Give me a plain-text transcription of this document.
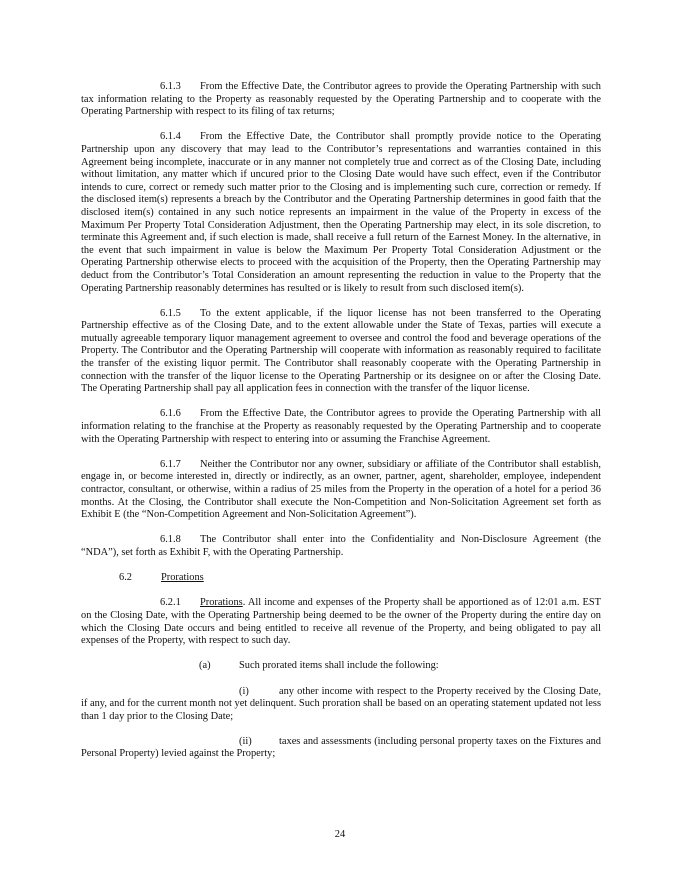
6.1.3 From the Effective Date, the Contributor agrees to provide the Operating Partnership with such tax information relating to the Property as reasonably requested by the Operating Partnership and to cooperate with the Operating Partnership with respect to its filing of tax returns;

6.1.4 From the Effective Date, the Contributor shall promptly provide notice to the Operating Partnership upon any discovery that may lead to the Contributor’s representations and warranties contained in this Agreement being incomplete, inaccurate or in any manner not completely true and correct as of the Closing Date, including without limitation, any matter which if uncured prior to the Closing Date would have such effect, even if the Contributor intends to cure, correct or remedy such matter prior to the Closing and is implementing such cure, correction or remedy. If the disclosed item(s) represents a breach by the Contributor and the Operating Partnership determines in good faith that the disclosed item(s) contained in any such notice represents an impairment in the value of the Property in excess of the Maximum Per Property Total Consideration Adjustment, then the Operating Partnership may elect, in its sole discretion, to terminate this Agreement and, if such election is made, shall receive a full return of the Earnest Money. In the alternative, in the event that such impairment in value is below the Maximum Per Property Total Consideration Adjustment or the Operating Partnership otherwise elects to proceed with the acquisition of the Property, then the Operating Partnership may deduct from the Contributor’s Total Consideration an amount representing the reduction in value to the Property that the Operating Partnership reasonably determines has resulted or is likely to result from such disclosed item(s).

6.1.5 To the extent applicable, if the liquor license has not been transferred to the Operating Partnership effective as of the Closing Date, and to the extent allowable under the State of Texas, parties will execute a mutually agreeable temporary liquor management agreement to oversee and control the food and beverage operations of the Property. The Contributor and the Operating Partnership will cooperate with information as reasonably required to facilitate the transfer of the existing liquor permit. The Contributor shall reasonably cooperate with the Operating Partnership in connection with the transfer of the liquor license to the Operating Partnership or its designee on or after the Closing Date. The Operating Partnership shall pay all application fees in connection with the transfer of the liquor license.

6.1.6 From the Effective Date, the Contributor agrees to provide the Operating Partnership with all information relating to the franchise at the Property as reasonably requested by the Operating Partnership and to cooperate with the Operating Partnership with respect to entering into or assuming the Franchise Agreement.

6.1.7 Neither the Contributor nor any owner, subsidiary or affiliate of the Contributor shall establish, engage in, or become interested in, directly or indirectly, as an owner, partner, agent, shareholder, employee, independent contractor, consultant, or otherwise, within a radius of 25 miles from the Property in the operation of a hotel for a period 36 months. At the Closing, the Contributor shall execute the Non-Competition and Non-Solicitation Agreement set forth as Exhibit E (the “Non-Competition Agreement and Non-Solicitation Agreement”).

6.1.8 The Contributor shall enter into the Confidentiality and Non-Disclosure Agreement (the “NDA”), set forth as Exhibit F, with the Operating Partnership.

6.2	Prorations

6.2.1 Prorations. All income and expenses of the Property shall be apportioned as of 12:01 a.m. EST on the Closing Date, with the Operating Partnership being deemed to be the owner of the Property during the entire day on which the Closing Date occurs and being entitled to receive all revenue of the Property, and being obligated to pay all expenses of the Property, with respect to such day.

(a)	Such prorated items shall include the following:

(i)	any other income with respect to the Property received by the Closing Date, if any, and for the current month not yet delinquent. Such proration shall be based on an operating statement updated not less than 1 day prior to the Closing Date;

(ii)	taxes and assessments (including personal property taxes on the Fixtures and Personal Property) levied against the Property;

24
